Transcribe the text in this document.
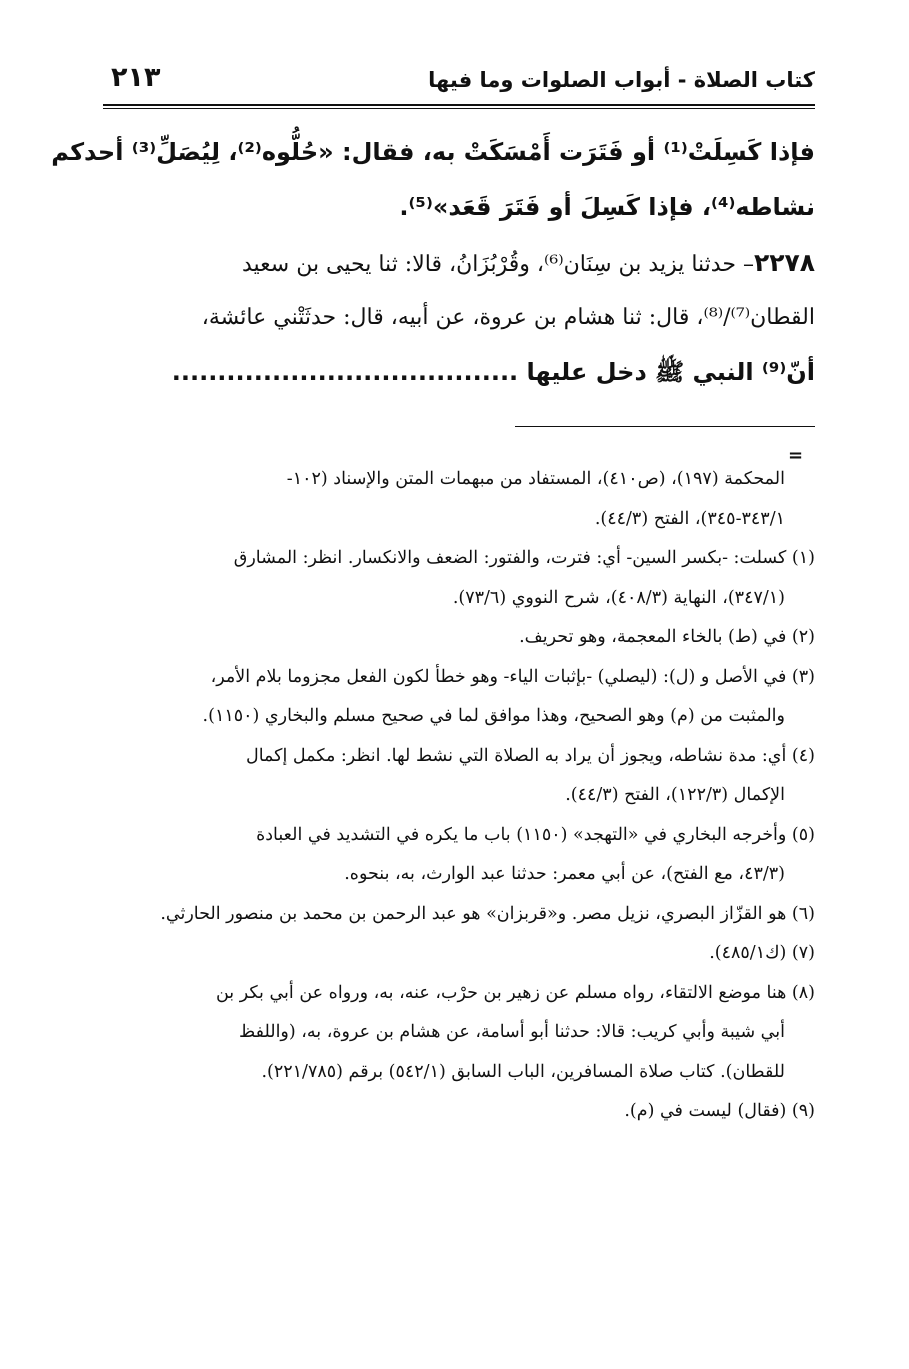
كتاب الصلاة - أبواب الصلوات وما فيها
٢١٣
فإذا كَسِلَتْ⁽¹⁾ أو فَتَرَت أَمْسَكَتْ به، فقال: «حُلُّوه⁽²⁾، لِيُصَلِّ⁽³⁾ أحدكم
نشاطه⁽⁴⁾، فإذا كَسِلَ أو فَتَرَ قَعَد»⁽⁵⁾.
٢٢٧٨– حدثنا يزيد بن سِنَان⁽⁶⁾، وقُرْبُزَانُ، قالا: ثنا يحيى بن سعيد
القطان⁽⁷⁾/⁽⁸⁾، قال: ثنا هشام بن عروة، عن أبيه، قال: حدثَتْني عائشة،
أنّ⁽⁹⁾ النبي ﷺ دخل عليها ......................................
=
المحكمة (١٩٧)، (ص٤١٠)، المستفاد من مبهمات المتن والإسناد (١٠٢-
٣٤٣/١-٣٤٥)، الفتح (٤٤/٣).
(١) كسلت: -بكسر السين- أي: فترت، والفتور: الضعف والانكسار. انظر: المشارق
(٣٤٧/١)، النهاية (٤٠٨/٣)، شرح النووي (٧٣/٦).
(٢) في (ط) بالخاء المعجمة، وهو تحريف.
(٣) في الأصل و (ل): (ليصلي) -بإثبات الياء- وهو خطأ لكون الفعل مجزوما بلام الأمر،
والمثبت من (م) وهو الصحيح، وهذا موافق لما في صحيح مسلم والبخاري (١١٥٠).
(٤) أي: مدة نشاطه، ويجوز أن يراد به الصلاة التي نشط لها. انظر: مكمل إكمال
الإكمال (١٢٢/٣)، الفتح (٤٤/٣).
(٥) وأخرجه البخاري في «التهجد» (١١٥٠) باب ما يكره في التشديد في العبادة
(٤٣/٣، مع الفتح)، عن أبي معمر: حدثنا عبد الوارث، به، بنحوه.
(٦) هو القزّاز البصري، نزيل مصر. و«قربزان» هو عبد الرحمن بن محمد بن منصور الحارثي.
(٧) (ك٤٨٥/١).
(٨) هنا موضع الالتقاء، رواه مسلم عن زهير بن حرْب، عنه، به، ورواه عن أبي بكر بن
أبي شيبة وأبي كريب: قالا: حدثنا أبو أسامة، عن هشام بن عروة، به، (واللفظ
للقطان). كتاب صلاة المسافرين، الباب السابق (٥٤٢/١) برقم (٢٢١/٧٨٥).
(٩) (فقال) ليست في (م).
